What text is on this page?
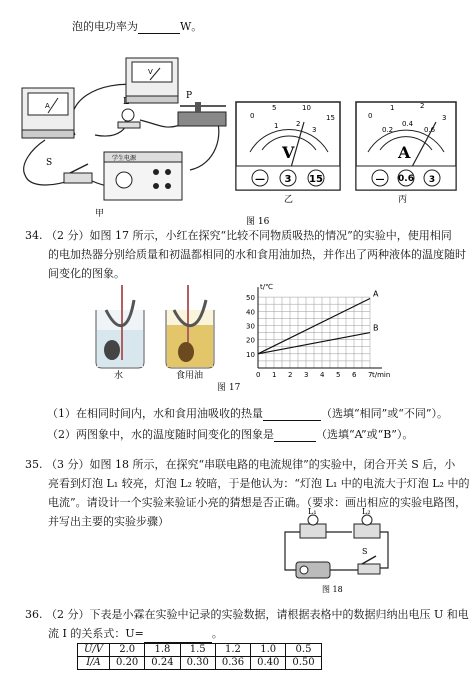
泡的电功率为	W。
A
V
L
P
S	学生电源
甲
0
5	10
15
1	2
3
V
— 3 15
乙
图 16
0
1	2
3
0.2
0.4
0.6
A
— 0.6 3
丙
34. （2 分）如图 17 所示，小红在探究“比较不同物质吸热的情况”的实验中，使用相同
的电加热器分别给质量和初温都相同的水和食用油加热，并作出了两种液体的温度随时
间变化的图象。
水	食用油	0 1 2 3 4 5 6 7
10
20
30
40
50
t/℃
t/min
A
B
图 17
（1）在相同时间内，水和食用油吸收的热量	（选填“相同”或“不同”）。
（2）两图象中，水的温度随时间变化的图象是	（选填“A”或“B”）。
35. （3 分）如图 18 所示，在探究“串联电路的电流规律”的实验中，闭合开关 S 后，小
亮看到灯泡 L₁ 较亮，灯泡 L₂ 较暗，于是他认为：“灯泡 L₁ 中的电流大于灯泡 L₂ 中的
电流”。请设计一个实验来验证小亮的猜想是否正确。（要求：画出相应的实验电路图，
并写出主要的实验步骤）
L₁	L₂
S
图 18
36. （2 分）下表是小霖在实验中记录的实验数据，请根据表格中的数据归纳出电压 U 和电
流 I 的关系式：U=	。
U/V	2.0	1.8	1.5	1.2	1.0	0.5
I/A	0.20	0.24	0.30	0.36	0.40	0.50
